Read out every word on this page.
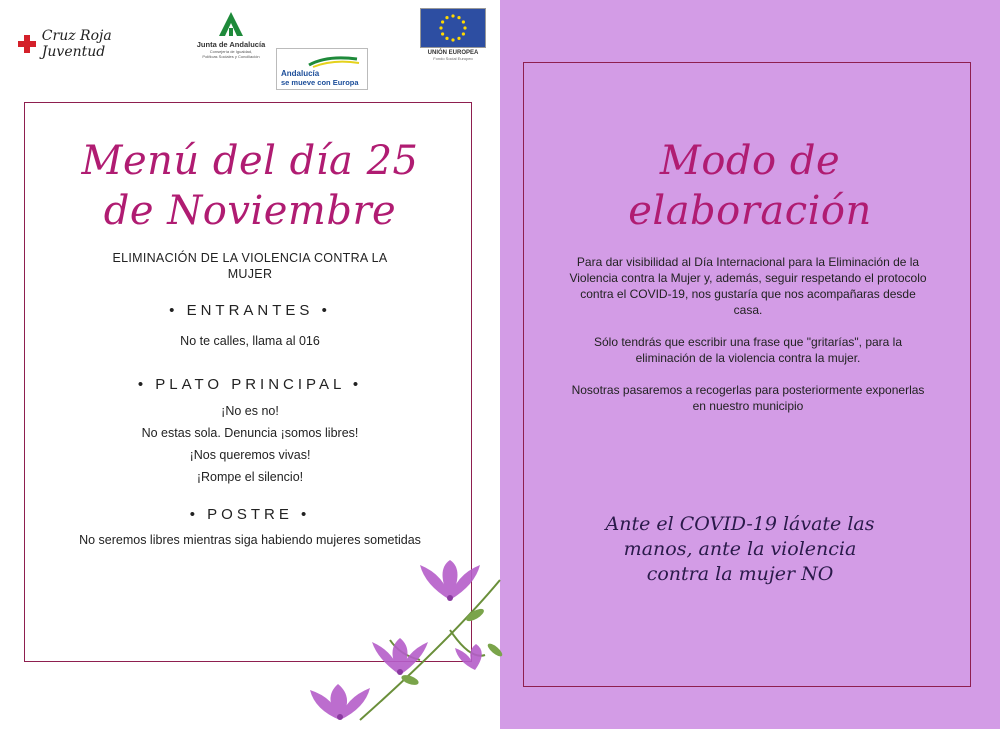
Cruz Roja Juventud	Junta de Andalucía
Consejería de Igualdad,
Políticas Sociales y Conciliación
Andalucía
se mueve con Europa
UNIÓN EUROPEA
Fondo Social Europeo
Menú del día 25
de Noviembre
ELIMINACIÓN DE LA VIOLENCIA CONTRA LA MUJER
• ENTRANTES •
No te calles, llama al 016
• PLATO PRINCIPAL •
¡No es no!
No estas sola. Denuncia ¡somos libres!
¡Nos queremos vivas!
¡Rompe el silencio!
• POSTRE •
No seremos libres mientras siga habiendo mujeres sometidas
Modo de
elaboración

Para dar visibilidad al Día Internacional para la Eliminación de la Violencia contra la Mujer y, además, seguir respetando el protocolo contra el COVID-19, nos gustaría que nos acompañaras desde casa.

Sólo tendrás que escribir una frase que "gritarías", para la eliminación de la violencia contra la mujer.

Nosotras pasaremos a recogerlas para posteriormente exponerlas en nuestro municipio

Ante el COVID-19 lávate las manos, ante la violencia contra la mujer NO
